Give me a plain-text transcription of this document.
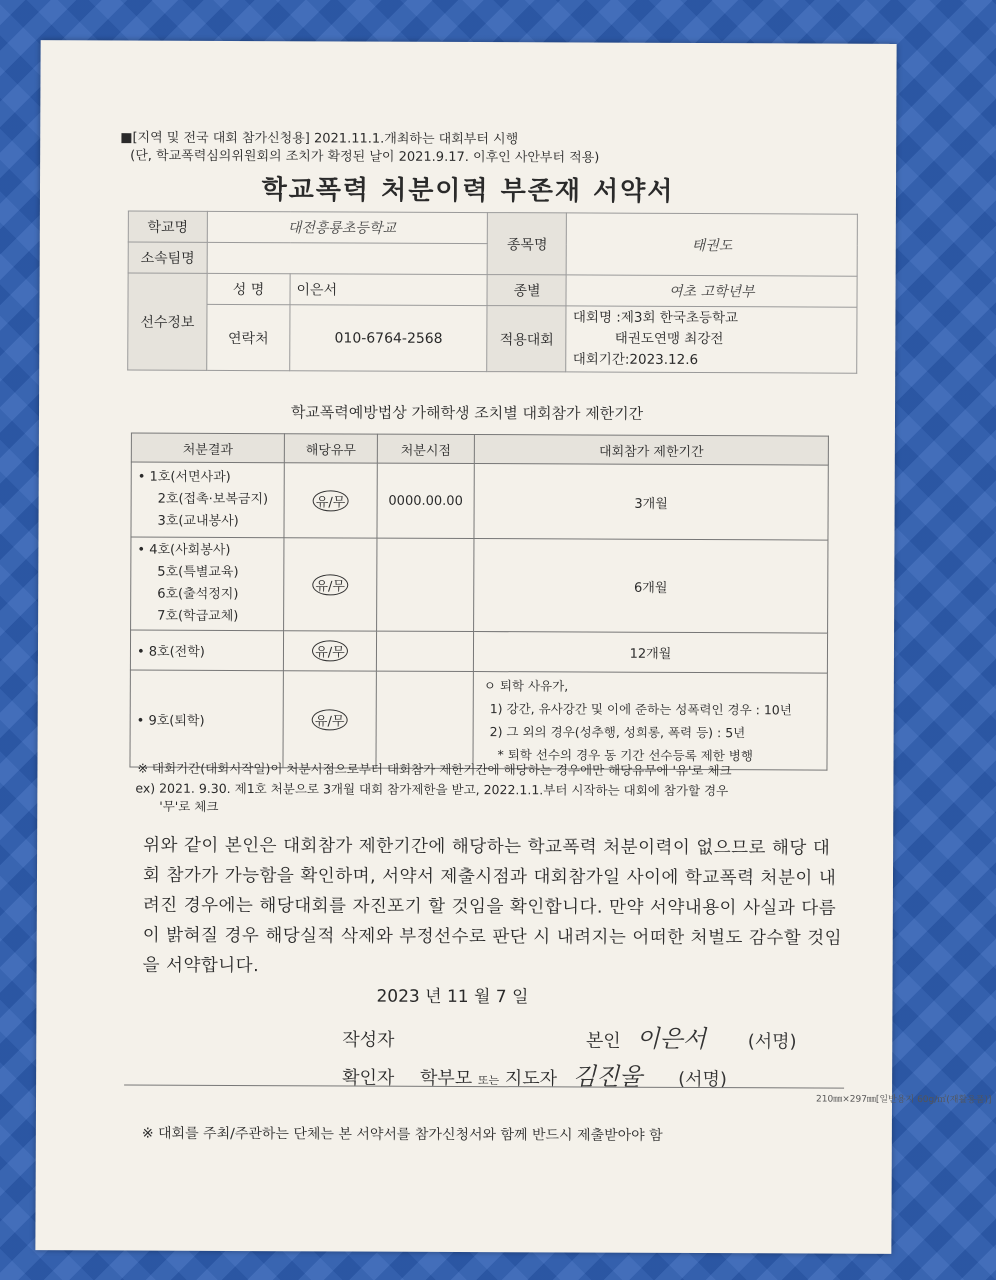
■[지역 및 전국 대회 참가신청용] 2021.11.1.개최하는 대회부터 시행
(단, 학교폭력심의위원회의 조치가 확정된 날이 2021.9.17. 이후인 사안부터 적용)
학교폭력 처분이력 부존재 서약서
학교명	대전흥룡초등학교		종목명	태권도
소속팀명				
선수정보	성 명	이은서	종별	여초 고학년부
	연락처	010-6764-2568	적용대회	대회명 :제3회 한국초등학교
태권도연맹 최강전
대회기간:2023.12.6
학교폭력예방법상 가해학생 조치별 대회참가 제한기간
처분결과	해당유무	처분시점	대회참가 제한기간

• 1호(서면사과)
2호(접촉·보복금지)
3호(교내봉사)	유/무	0000.00.00	3개월

• 4호(사회봉사)
5호(특별교육)
6호(출석정지)
7호(학급교체)	유/무		6개월
• 8호(전학)	유/무		12개월
• 9호(퇴학)	유/무		ㅇ 퇴학 사유가,
1) 강간, 유사강간 및 이에 준하는 성폭력인 경우 : 10년
2) 그 외의 경우(성추행, 성희롱, 폭력 등) : 5년
* 퇴학 선수의 경우 동 기간 선수등록 제한 병행
※ 대회기간(대회시작일)이 처분시점으로부터 대회참가 제한기간에 해당하는 경우에만 해당유무에 '유'로 체크
ex) 2021. 9.30. 제1호 처분으로 3개월 대회 참가제한을 받고, 2022.1.1.부터 시작하는 대회에 참가할 경우
'무'로 체크
위와 같이 본인은 대회참가 제한기간에 해당하는 학교폭력 처분이력이 없으므로 해당 대회 참가가 가능함을 확인하며, 서약서 제출시점과 대회참가일 사이에 학교폭력 처분이 내려진 경우에는 해당대회를 자진포기 할 것임을 확인합니다. 만약 서약내용이 사실과 다름이 밝혀질 경우 해당실적 삭제와 부정선수로 판단 시 내려지는 어떠한 처벌도 감수할 것임을 서약합니다.
2023 년 11 월 7 일
작성자	본인 이은서 (서명)
확인자 학부모 또는 지도자 김진울 (서명)
210㎜×297㎜[일반용지 60g/㎡(재활용품)]
※ 대회를 주최/주관하는 단체는 본 서약서를 참가신청서와 함께 반드시 제출받아야 함
